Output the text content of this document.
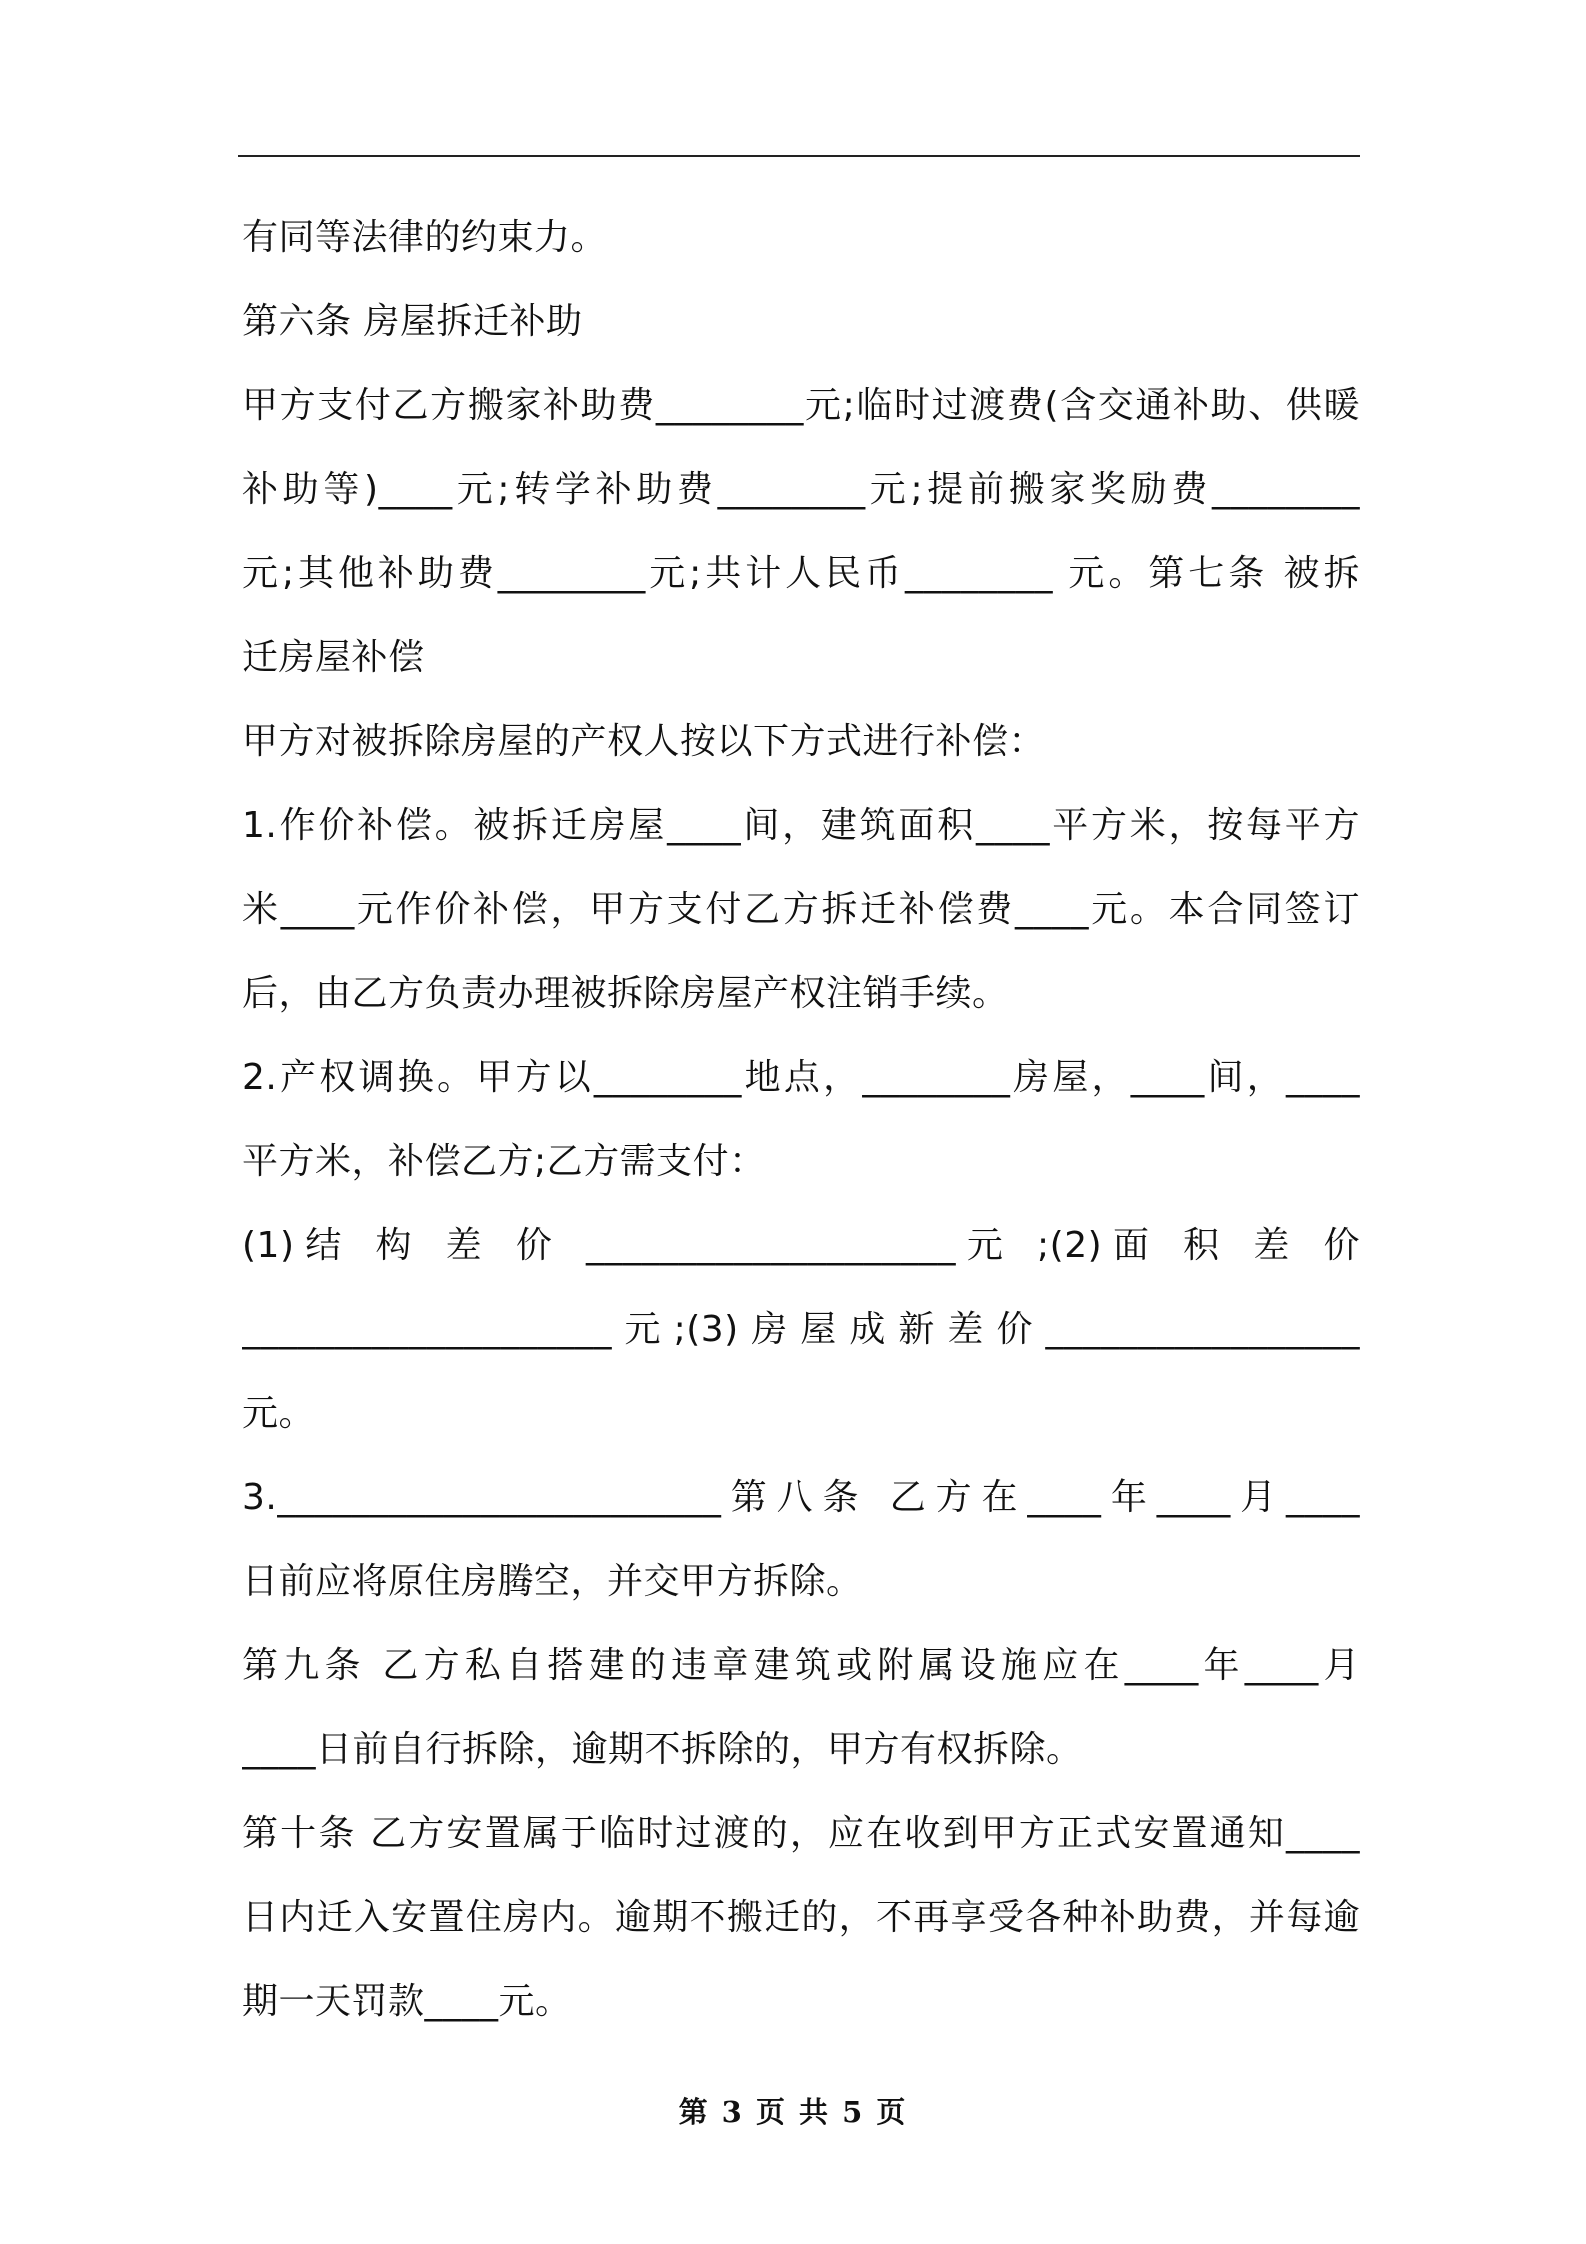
有同等法律的约束力。
第六条 房屋拆迁补助
甲方支付乙方搬家补助费________元;临时过渡费(含交通补助、供暖
补助等)____元;转学补助费________元;提前搬家奖励费________
元;其他补助费________元;共计人民币________ 元。第七条 被拆
迁房屋补偿
甲方对被拆除房屋的产权人按以下方式进行补偿：
1.作价补偿。被拆迁房屋____间，建筑面积____平方米，按每平方
米____元作价补偿，甲方支付乙方拆迁补偿费____元。本合同签订
后，由乙方负责办理被拆除房屋产权注销手续。
2.产权调换。甲方以________地点，________房屋，____间，____
平方米，补偿乙方;乙方需支付：
(1)结 构 差 价 ____________________元 ;(2)面 积 差 价
____________________元;(3)房屋成新差价_________________
元。
3.________________________第八条 乙方在____年____月____
日前应将原住房腾空，并交甲方拆除。
第九条 乙方私自搭建的违章建筑或附属设施应在____年____月
____日前自行拆除，逾期不拆除的，甲方有权拆除。
第十条 乙方安置属于临时过渡的，应在收到甲方正式安置通知____
日内迁入安置住房内。逾期不搬迁的，不再享受各种补助费，并每逾
期一天罚款____元。
第 3 页 共 5 页
